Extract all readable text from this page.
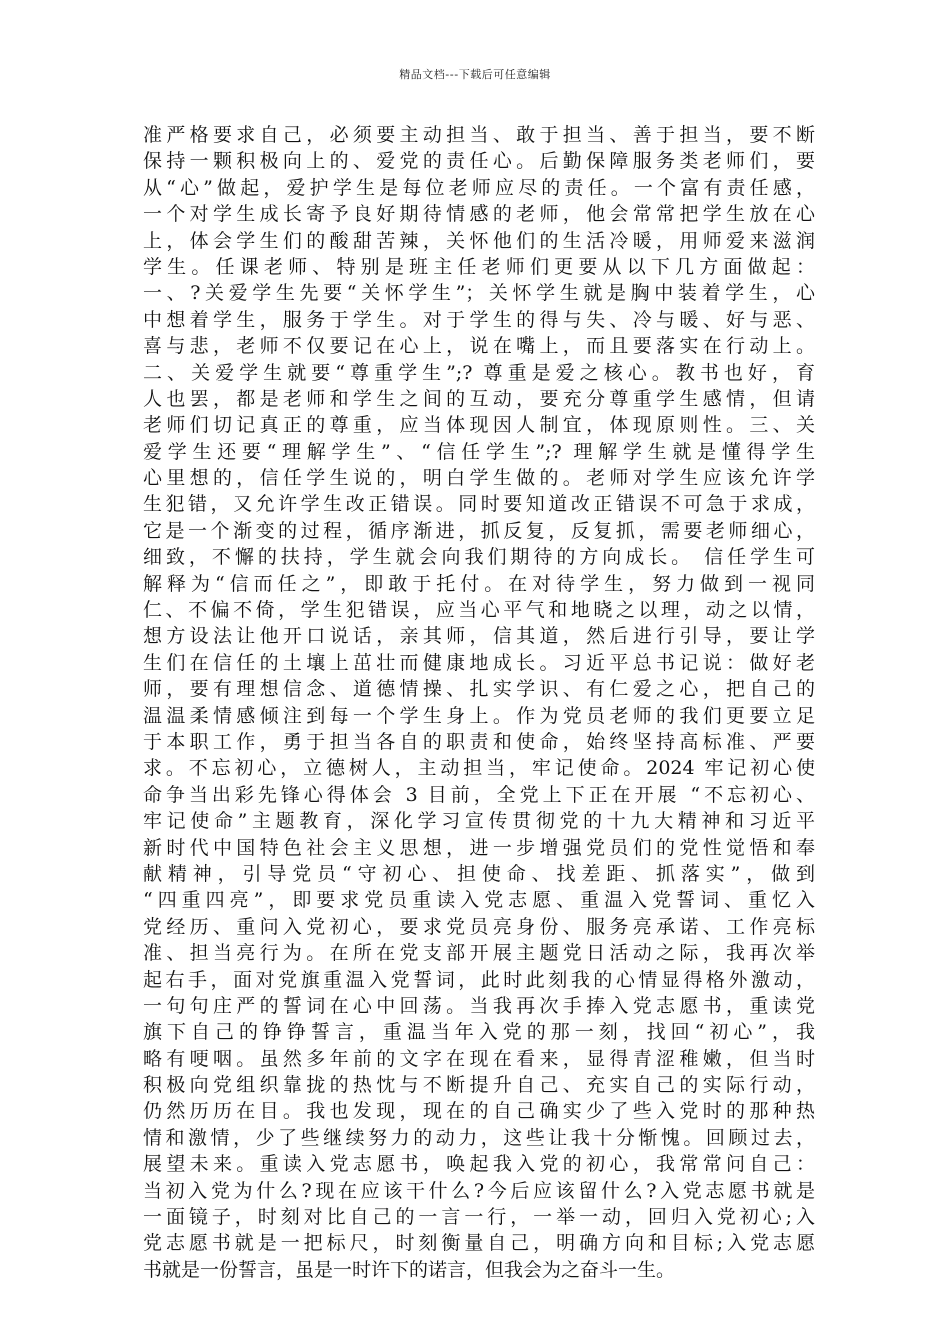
精品文档---下载后可任意编辑
准严格要求自己，必须要主动担当、敢于担当、善于担当，要不断
保持一颗积极向上的、爱党的责任心。后勤保障服务类老师们，要
从“心”做起，爱护学生是每位老师应尽的责任。一个富有责任感，
一个对学生成长寄予良好期待情感的老师，他会常常把学生放在心
上，体会学生们的酸甜苦辣，关怀他们的生活冷暖，用师爱来滋润
学生。任课老师、特别是班主任老师们更要从以下几方面做起：
一、?关爱学生先要“关怀学生”；关怀学生就是胸中装着学生，心
中想着学生，服务于学生。对于学生的得与失、冷与暖、好与恶、
喜与悲，老师不仅要记在心上，说在嘴上，而且要落实在行动上。
二、关爱学生就要“尊重学生”;? 尊重是爱之核心。教书也好，育
人也罢，都是老师和学生之间的互动，要充分尊重学生感情，但请
老师们切记真正的尊重，应当体现因人制宜，体现原则性。三、关
爱学生还要“理解学生”、“信任学生”;? 理解学生就是懂得学生
心里想的，信任学生说的，明白学生做的。老师对学生应该允许学
生犯错，又允许学生改正错误。同时要知道改正错误不可急于求成，
它是一个渐变的过程，循序渐进，抓反复，反复抓，需要老师细心，
细致，不懈的扶持，学生就会向我们期待的方向成长。 信任学生可
解释为“信而任之”，即敢于托付。在对待学生，努力做到一视同
仁、不偏不倚，学生犯错误，应当心平气和地晓之以理，动之以情，
想方设法让他开口说话，亲其师，信其道，然后进行引导，要让学
生们在信任的土壤上茁壮而健康地成长。习近平总书记说：做好老
师，要有理想信念、道德情操、扎实学识、有仁爱之心，把自己的
温温柔情感倾注到每一个学生身上。作为党员老师的我们更要立足
于本职工作，勇于担当各自的职责和使命，始终坚持高标准、严要
求。不忘初心，立德树人，主动担当，牢记使命。2024 牢记初心使
命争当出彩先锋心得体会 3 目前，全党上下正在开展 “不忘初心、
牢记使命”主题教育，深化学习宣传贯彻党的十九大精神和习近平
新时代中国特色社会主义思想，进一步增强党员们的党性觉悟和奉
献精神，引导党员“守初心、担使命、找差距、抓落实”，做到
“四重四亮”，即要求党员重读入党志愿、重温入党誓词、重忆入
党经历、重问入党初心，要求党员亮身份、服务亮承诺、工作亮标
准、担当亮行为。在所在党支部开展主题党日活动之际，我再次举
起右手，面对党旗重温入党誓词，此时此刻我的心情显得格外激动，
一句句庄严的誓词在心中回荡。当我再次手捧入党志愿书，重读党
旗下自己的铮铮誓言，重温当年入党的那一刻，找回“初心”，我
略有哽咽。虽然多年前的文字在现在看来，显得青涩稚嫩，但当时
积极向党组织靠拢的热忱与不断提升自己、充实自己的实际行动，
仍然历历在目。我也发现，现在的自己确实少了些入党时的那种热
情和激情，少了些继续努力的动力，这些让我十分惭愧。回顾过去，
展望未来。重读入党志愿书，唤起我入党的初心，我常常问自己：
当初入党为什么?现在应该干什么?今后应该留什么?入党志愿书就是
一面镜子，时刻对比自己的一言一行，一举一动，回归入党初心;入
党志愿书就是一把标尺，时刻衡量自己，明确方向和目标;入党志愿
书就是一份誓言，虽是一时许下的诺言，但我会为之奋斗一生。
